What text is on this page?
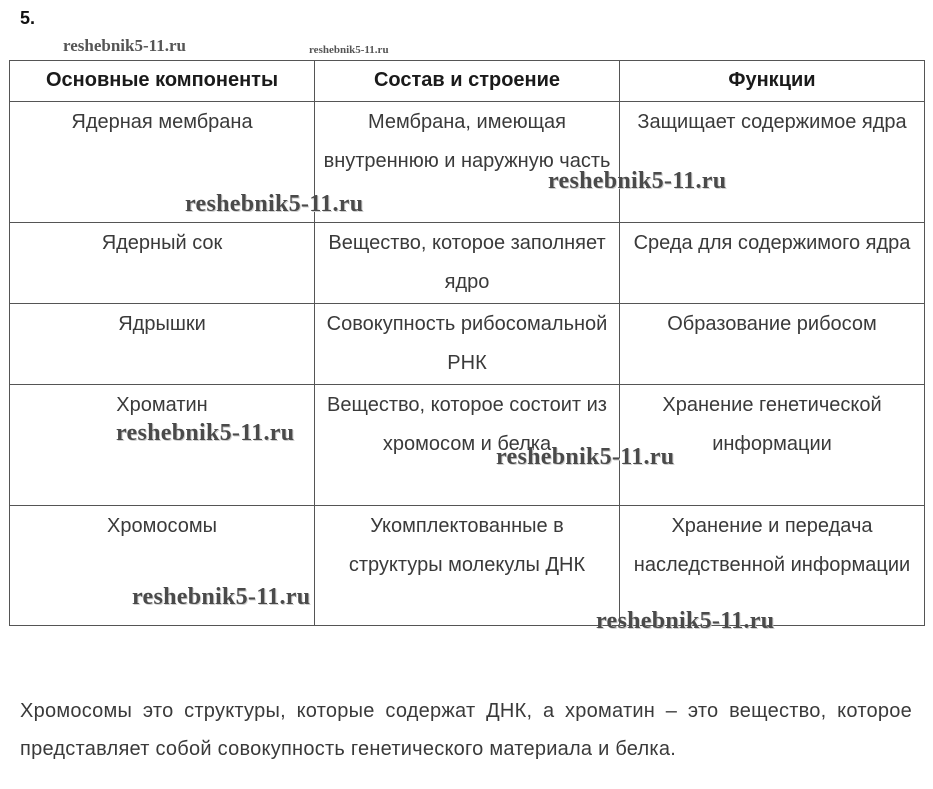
5.
Основные компоненты	Состав и строение	Функции
Ядерная мембрана	Мембрана, имеющая внутреннюю и наружную часть	Защищает содержимое ядра
Ядерный сок	Вещество, которое заполняет ядро	Среда для содержимого ядра
Ядрышки	Совокупность рибосомальной РНК	Образование рибосом
Хроматин	Вещество, которое состоит из хромосом и белка	Хранение генетической информации
Хромосомы	Укомплектованные в структуры молекулы ДНК	Хранение и передача наследственной информации

Хромосомы это структуры, которые содержат ДНК, а хроматин – это вещество, которое представляет собой совокупность генетического материала и белка.

reshebnik5-11.ru	reshebnik5-11.ru
reshebnik5-11.ru
reshebnik5-11.ru
reshebnik5-11.ru
reshebnik5-11.ru
reshebnik5-11.ru
reshebnik5-11.ru
